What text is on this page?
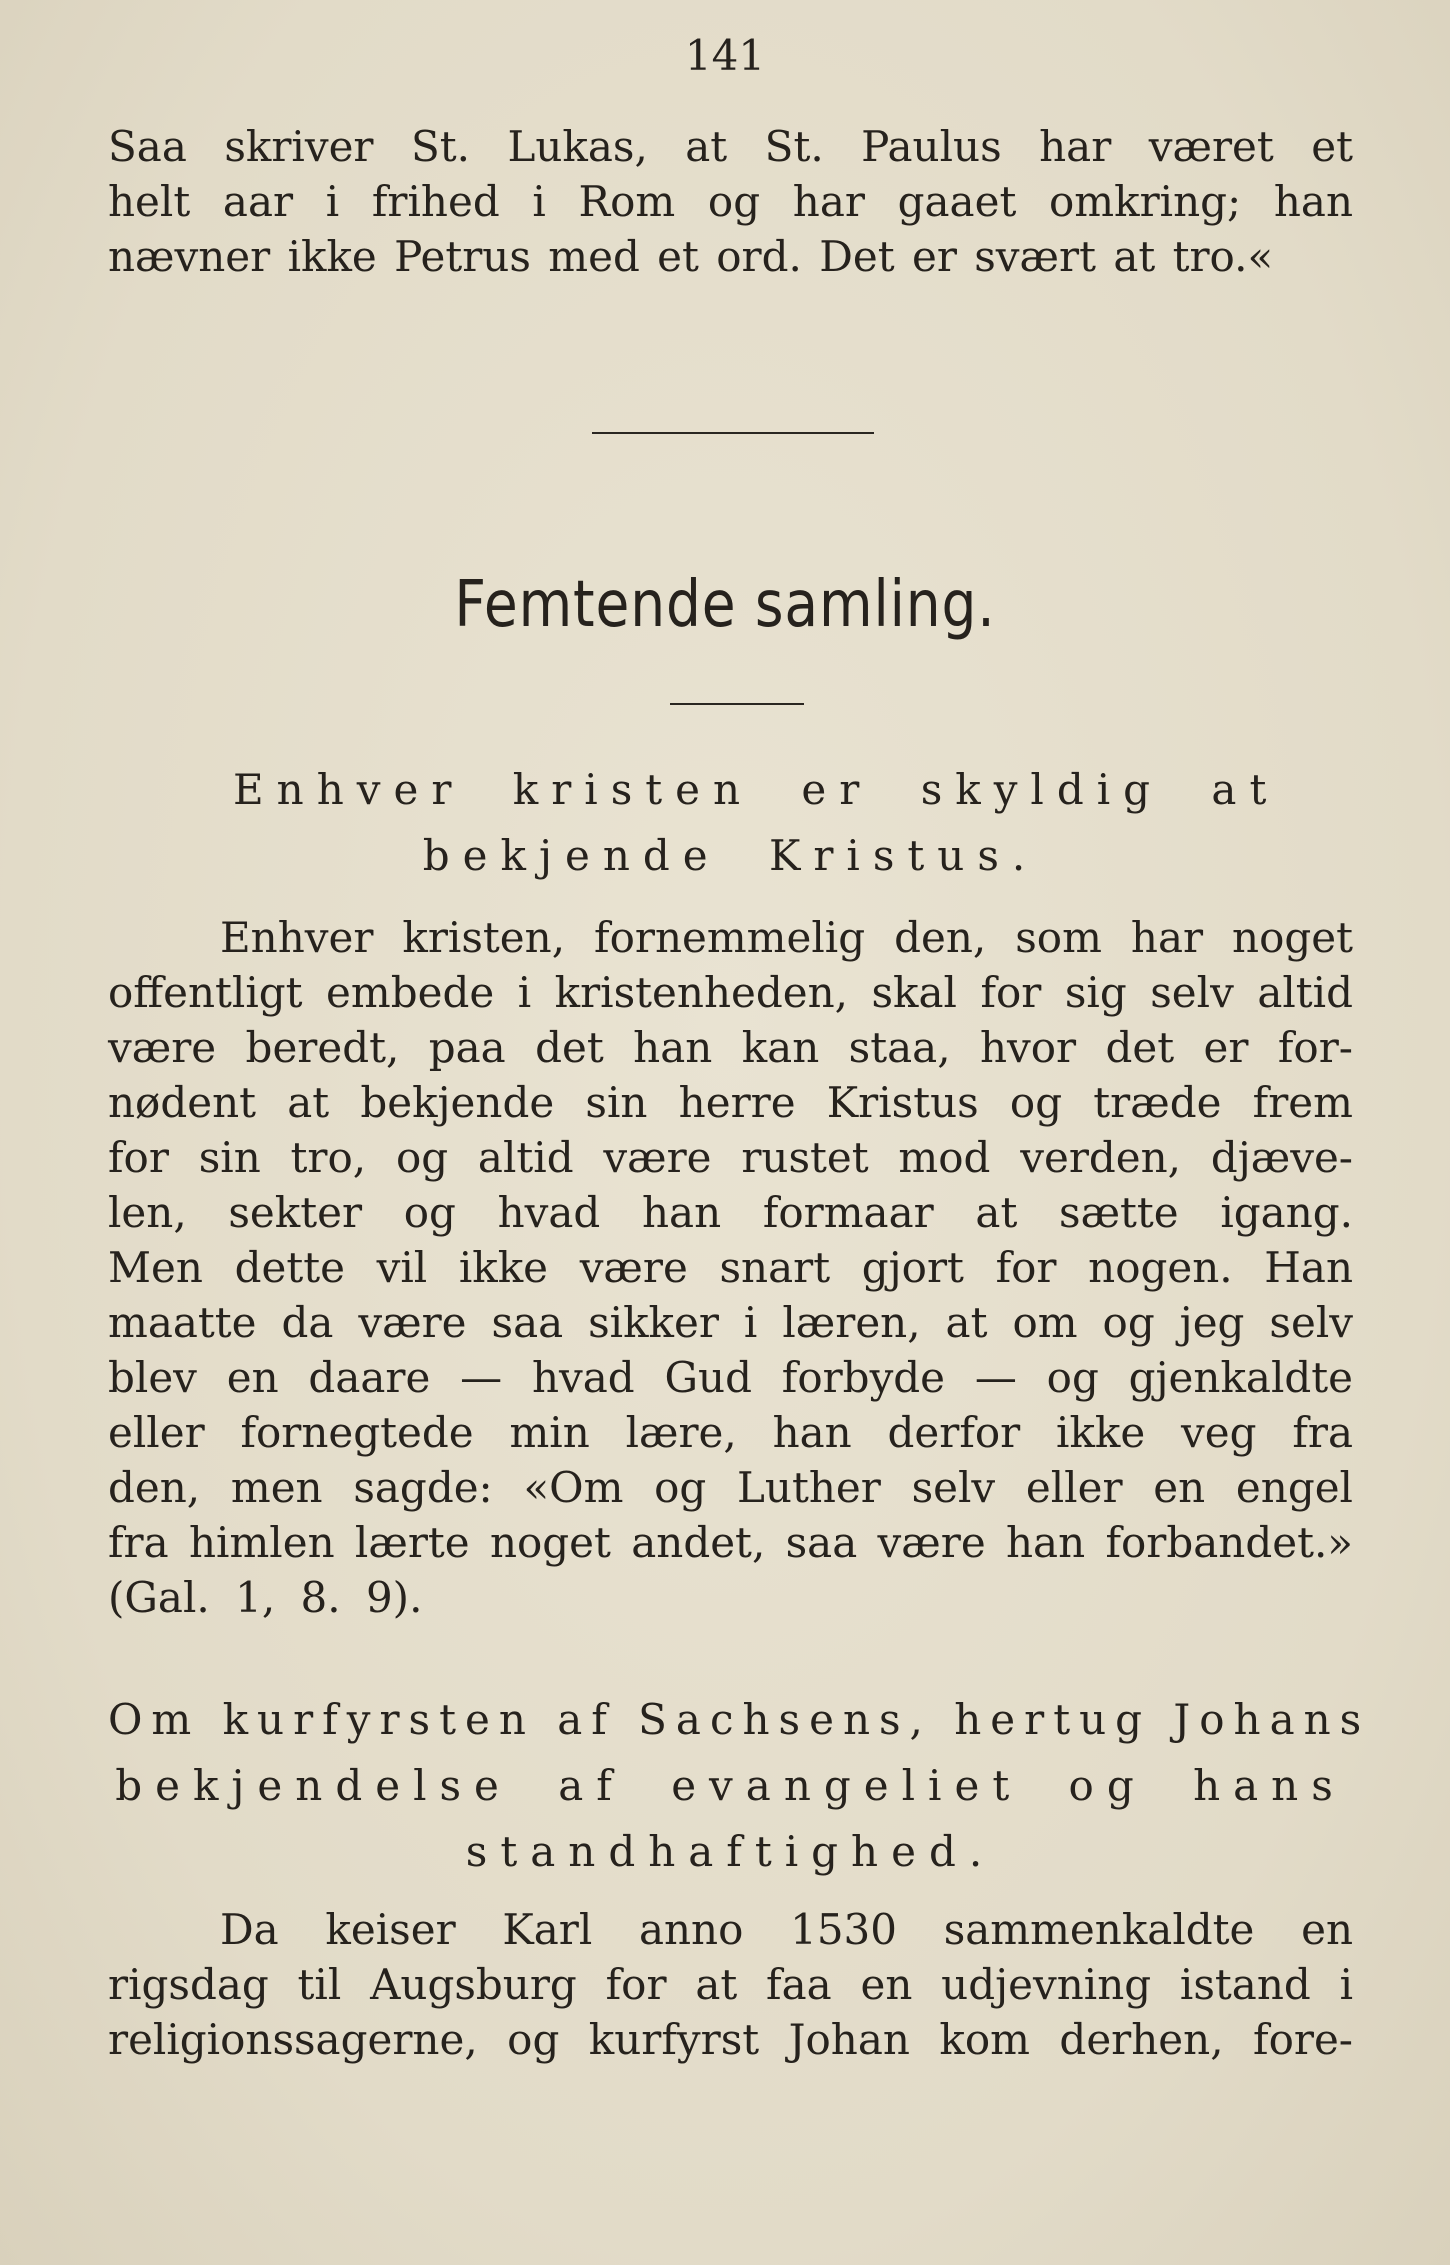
141
Saa skriver St. Lukas, at St. Paulus har været et
helt aar i frihed i Rom og har gaaet omkring; han
nævner ikke Petrus med et ord. Det er svært at tro.«
Femtende samling.
Enhver kristen er skyldig at
bekjende Kristus.
Enhver kristen, fornemmelig den, som har noget
offentligt embede i kristenheden, skal for sig selv altid
være beredt, paa det han kan staa, hvor det er for-
nødent at bekjende sin herre Kristus og træde frem
for sin tro, og altid være rustet mod verden, djæve-
len, sekter og hvad han formaar at sætte igang.
Men dette vil ikke være snart gjort for nogen. Han
maatte da være saa sikker i læren, at om og jeg selv
blev en daare — hvad Gud forbyde — og gjenkaldte
eller fornegtede min lære, han derfor ikke veg fra
den, men sagde: «Om og Luther selv eller en engel
fra himlen lærte noget andet, saa være han forbandet.»
(Gal. 1, 8. 9).
Om kurfyrsten af Sachsens, hertug Johans
bekjendelse af evangeliet og hans
standhaftighed.
Da keiser Karl anno 1530 sammenkaldte en
rigsdag til Augsburg for at faa en udjevning istand i
religionssagerne, og kurfyrst Johan kom derhen, fore-
